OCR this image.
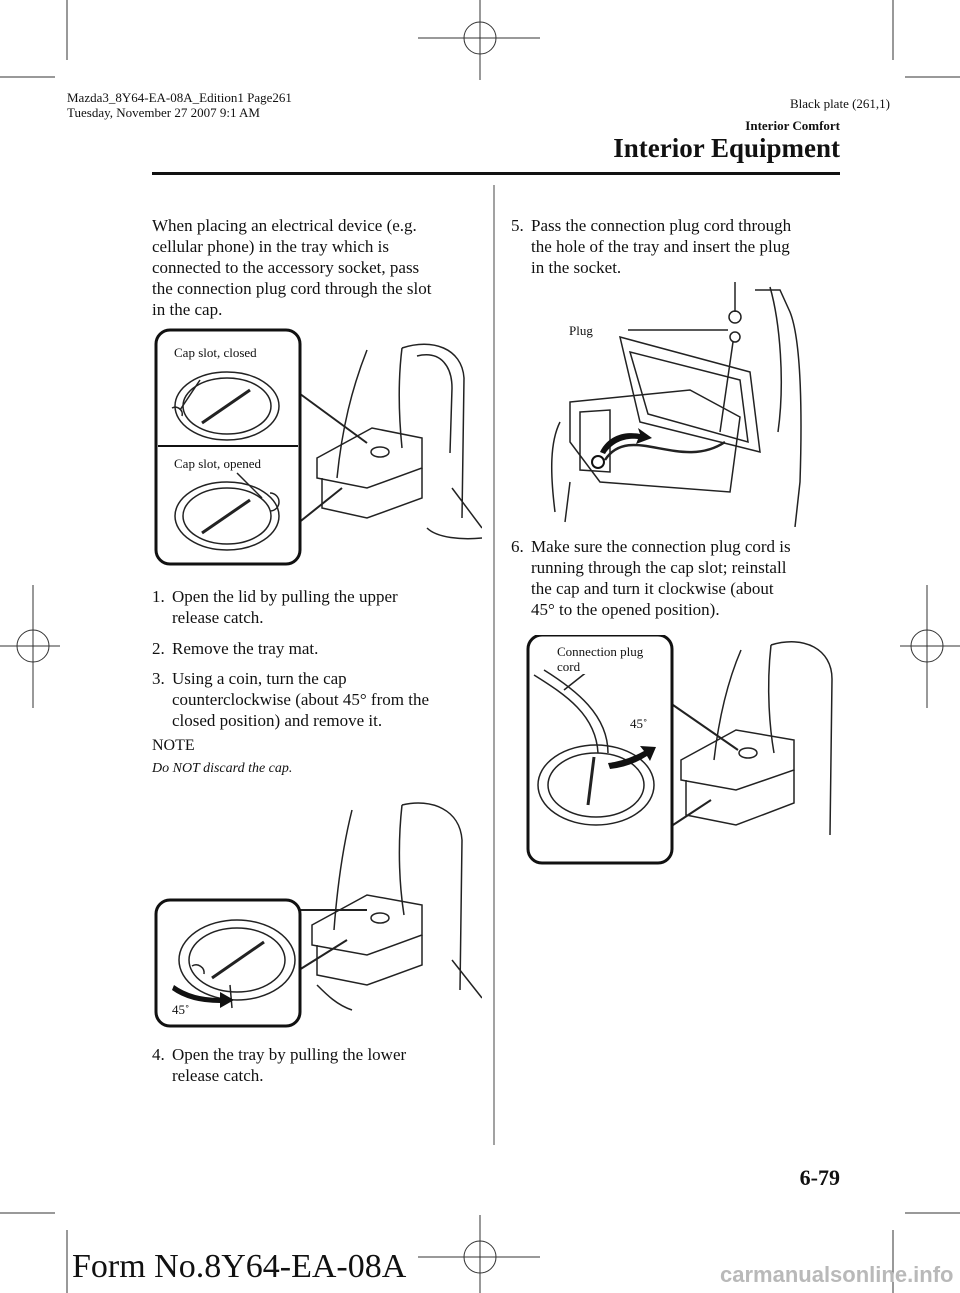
Mazda3_8Y64-EA-08A_Edition1 Page261
Tuesday, November 27 2007 9:1 AM
Black plate (261,1)
Interior Comfort
Interior Equipment
When placing an electrical device (e.g.
cellular phone) in the tray which is
connected to the accessory socket, pass
the connection plug cord through the slot
in the cap.
Cap slot, closed
Cap slot, opened
1. Open the lid by pulling the upper
release catch.
2. Remove the tray mat.
3. Using a coin, turn the cap
counterclockwise (about 45° from the
closed position) and remove it.
NOTE
Do NOT discard the cap.
45˚
4. Open the tray by pulling the lower
release catch.
5. Pass the connection plug cord through
the hole of the tray and insert the plug
in the socket.
Plug
6. Make sure the connection plug cord is
running through the cap slot; reinstall
the cap and turn it clockwise (about
45° to the opened position).
Connection plug
cord
45˚
6-79
Form No.8Y64-EA-08A	carmanualsonline.info
